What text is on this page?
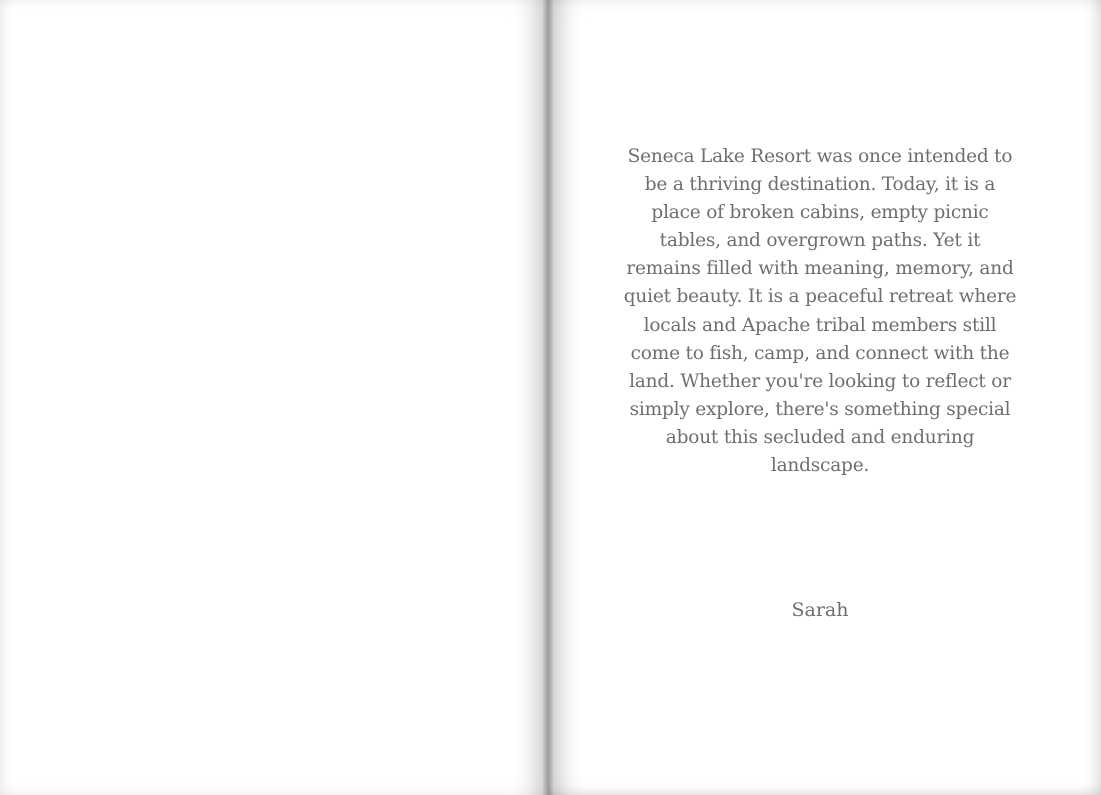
Seneca Lake Resort was once intended to be a thriving destination. Today, it is a place of broken cabins, empty picnic tables, and overgrown paths. Yet it remains filled with meaning, memory, and quiet beauty. It is a peaceful retreat where locals and Apache tribal members still come to fish, camp, and connect with the land. Whether you're looking to reflect or simply explore, there's something special about this secluded and enduring landscape.

Sarah
